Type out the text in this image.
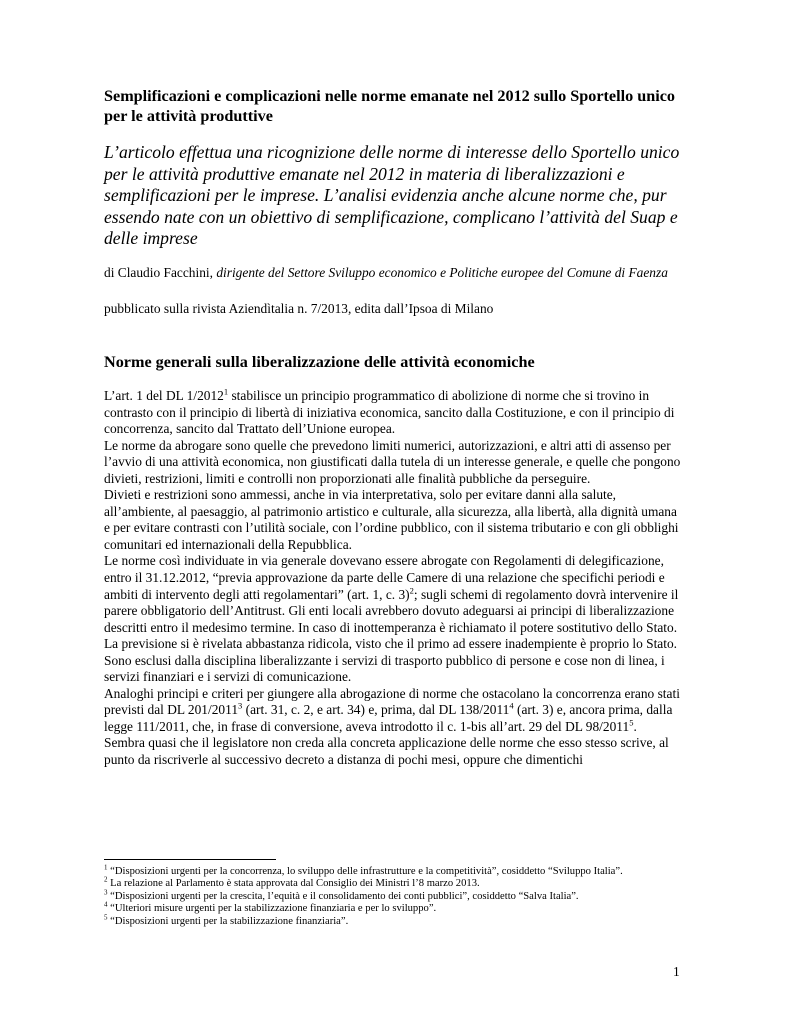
Semplificazioni e complicazioni nelle norme emanate nel 2012 sullo Sportello unico per le attività produttive

L’articolo effettua una ricognizione delle norme di interesse dello Sportello unico per le attività produttive emanate nel 2012 in materia di liberalizzazioni e semplificazioni per le imprese. L’analisi evidenzia anche alcune norme che, pur essendo nate con un obiettivo di semplificazione, complicano l’attività del Suap e delle imprese

di Claudio Facchini, dirigente del Settore Sviluppo economico e Politiche europee del Comune di Faenza

pubblicato sulla rivista Aziendìtalia n. 7/2013, edita dall’Ipsoa di Milano

Norme generali sulla liberalizzazione delle attività economiche

L’art. 1 del DL 1/2012$^1$ stabilisce un principio programmatico di abolizione di norme che si trovino in contrasto con il principio di libertà di iniziativa economica, sancito dalla Costituzione, e con il principio di concorrenza, sancito dal Trattato dell’Unione europea.

Le norme da abrogare sono quelle che prevedono limiti numerici, autorizzazioni, e altri atti di assenso per l’avvio di una attività economica, non giustificati dalla tutela di un interesse generale, e quelle che pongono divieti, restrizioni, limiti e controlli non proporzionati alle finalità pubbliche da perseguire.

Divieti e restrizioni sono ammessi, anche in via interpretativa, solo per evitare danni alla salute, all’ambiente, al paesaggio, al patrimonio artistico e culturale, alla sicurezza, alla libertà, alla dignità umana e per evitare contrasti con l’utilità sociale, con l’ordine pubblico, con il sistema tributario e con gli obblighi comunitari ed internazionali della Repubblica.

Le norme così individuate in via generale dovevano essere abrogate con Regolamenti di delegificazione, entro il 31.12.2012, “previa approvazione da parte delle Camere di una relazione che specifichi periodi e ambiti di intervento degli atti regolamentari” (art. 1, c. 3)$^2$; sugli schemi di regolamento dovrà intervenire il parere obbligatorio dell’Antitrust. Gli enti locali avrebbero dovuto adeguarsi ai principi di liberalizzazione descritti entro il medesimo termine. In caso di inottemperanza è richiamato il potere sostitutivo dello Stato. La previsione si è rivelata abbastanza ridicola, visto che il primo ad essere inadempiente è proprio lo Stato.

Sono esclusi dalla disciplina liberalizzante i servizi di trasporto pubblico di persone e cose non di linea, i servizi finanziari e i servizi di comunicazione.

Analoghi principi e criteri per giungere alla abrogazione di norme che ostacolano la concorrenza erano stati previsti dal DL 201/2011$^3$ (art. 31, c. 2, e art. 34) e, prima, dal DL 138/2011$^4$ (art. 3) e, ancora prima, dalla legge 111/2011, che, in frase di conversione, aveva introdotto il c. 1-bis all’art. 29 del DL 98/2011$^5$.

Sembra quasi che il legislatore non creda alla concreta applicazione delle norme che esso stesso scrive, al punto da riscriverle al successivo decreto a distanza di pochi mesi, oppure che dimentichi

$^1$ “Disposizioni urgenti per la concorrenza, lo sviluppo delle infrastrutture e la competitività”, cosiddetto “Sviluppo Italia”.

$^2$ La relazione al Parlamento è stata approvata dal Consiglio dei Ministri l’8 marzo 2013.

$^3$ “Disposizioni urgenti per la crescita, l’equità e il consolidamento dei conti pubblici”, cosiddetto “Salva Italia”.

$^4$ “Ulteriori misure urgenti per la stabilizzazione finanziaria e per lo sviluppo”.

$^5$ “Disposizioni urgenti per la stabilizzazione finanziaria”.

1
